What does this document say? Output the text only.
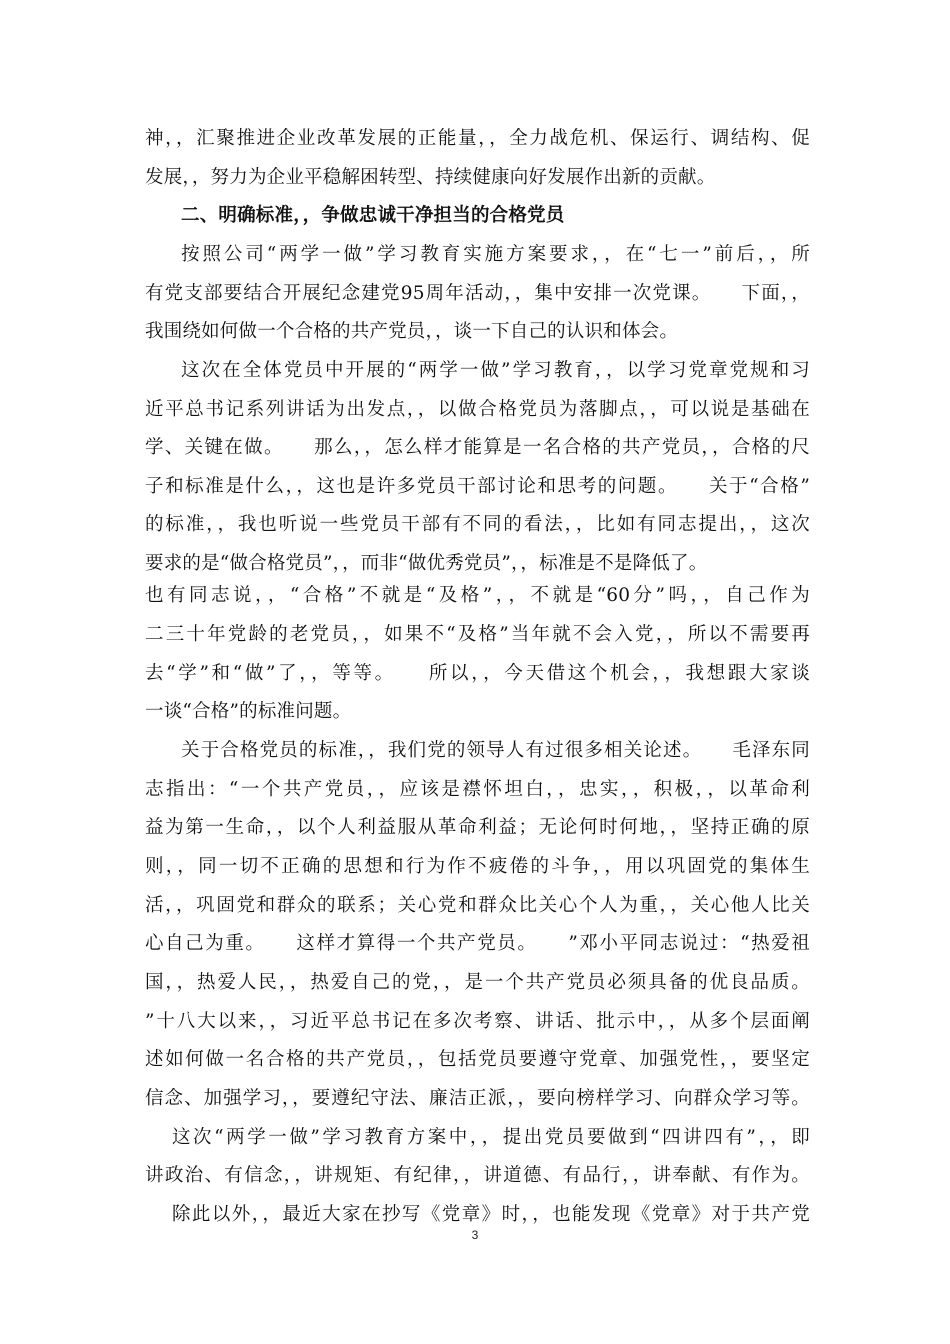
神，，汇聚推进企业改革发展的正能量，，全力战危机、保运行、调结构、促
发展，，努力为企业平稳解困转型、持续健康向好发展作出新的贡献。
二、明确标准，，争做忠诚干净担当的合格党员
按照公司“两学一做”学习教育实施方案要求，，在“七一”前后，，所
有党支部要结合开展纪念建党95周年活动，，集中安排一次党课。　　下面，，
我围绕如何做一个合格的共产党员，，谈一下自己的认识和体会。
这次在全体党员中开展的“两学一做”学习教育，，以学习党章党规和习
近平总书记系列讲话为出发点，，以做合格党员为落脚点，，可以说是基础在
学、关键在做。　　那么，，怎么样才能算是一名合格的共产党员，，合格的尺
子和标准是什么，，这也是许多党员干部讨论和思考的问题。　　关于“合格”
的标准，，我也听说一些党员干部有不同的看法，，比如有同志提出，，这次
要求的是“做合格党员”，，而非“做优秀党员”，，标准是不是降低了。
也有同志说，，“合格”不就是“及格”，，不就是“60分”吗，，自己作为
二三十年党龄的老党员，，如果不“及格”当年就不会入党，，所以不需要再
去“学”和“做”了，，等等。　　所以，，今天借这个机会，，我想跟大家谈
一谈“合格”的标准问题。
关于合格党员的标准，，我们党的领导人有过很多相关论述。　　毛泽东同
志指出：“一个共产党员，，应该是襟怀坦白，，忠实，，积极，，以革命利
益为第一生命，，以个人利益服从革命利益；无论何时何地，，坚持正确的原
则，，同一切不正确的思想和行为作不疲倦的斗争，，用以巩固党的集体生
活，，巩固党和群众的联系；关心党和群众比关心个人为重，，关心他人比关
心自己为重。　　这样才算得一个共产党员。　　”邓小平同志说过：“热爱祖
国，，热爱人民，，热爱自己的党，，是一个共产党员必须具备的优良品质。
”十八大以来，，习近平总书记在多次考察、讲话、批示中，，从多个层面阐
述如何做一名合格的共产党员，，包括党员要遵守党章、加强党性，，要坚定
信念、加强学习，，要遵纪守法、廉洁正派，，要向榜样学习、向群众学习等。
这次“两学一做”学习教育方案中，，提出党员要做到“四讲四有”，，即
讲政治、有信念，，讲规矩、有纪律，，讲道德、有品行，，讲奉献、有作为。
除此以外，，最近大家在抄写《党章》时，，也能发现《党章》对于共产党
3
